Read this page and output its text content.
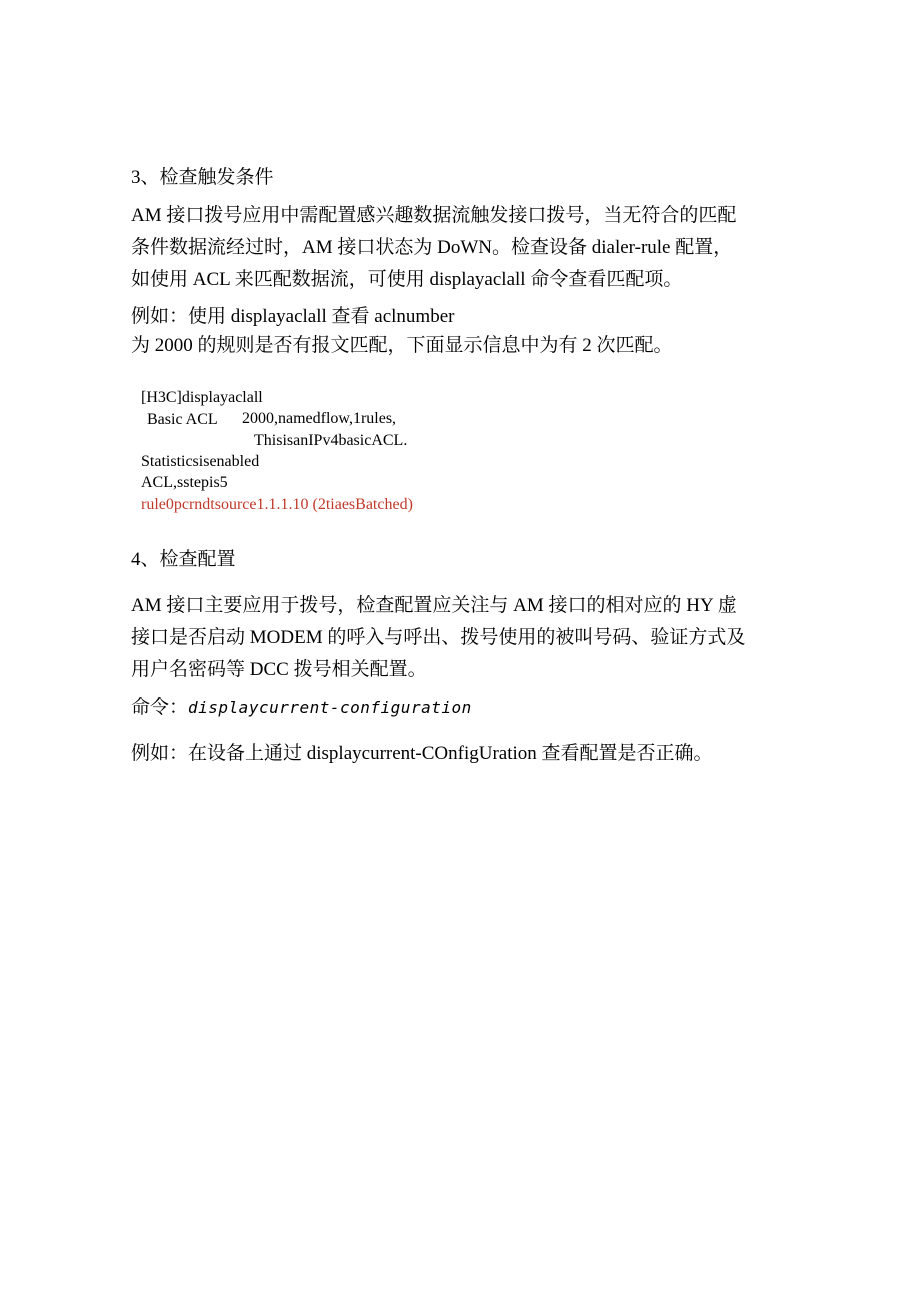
3、检查触发条件
AM 接口拨号应用中需配置感兴趣数据流触发接口拨号，当无符合的匹配
条件数据流经过时，AM 接口状态为 DoWN。检查设备 dialer-rule 配置，
如使用 ACL 来匹配数据流，可使用 displayaclall 命令查看匹配项。
例如：使用 displayaclall 查看 aclnumber
为 2000 的规则是否有报文匹配，下面显示信息中为有 2 次匹配。
[H3C]displayaclall
Basic ACL 2000,namedflow,1rules,
ThisisanIPv4basicACL.
Statisticsisenabled
ACL,sstepis5
rule0pcrndtsource1.1.1.10 (2tiaesBatched)
4、检查配置
AM 接口主要应用于拨号，检查配置应关注与 AM 接口的相对应的 HY 虚
接口是否启动 MODEM 的呼入与呼出、拨号使用的被叫号码、验证方式及
用户名密码等 DCC 拨号相关配置。
命令：displaycurrent-configuration
例如：在设备上通过 displaycurrent-COnfigUration 查看配置是否正确。
